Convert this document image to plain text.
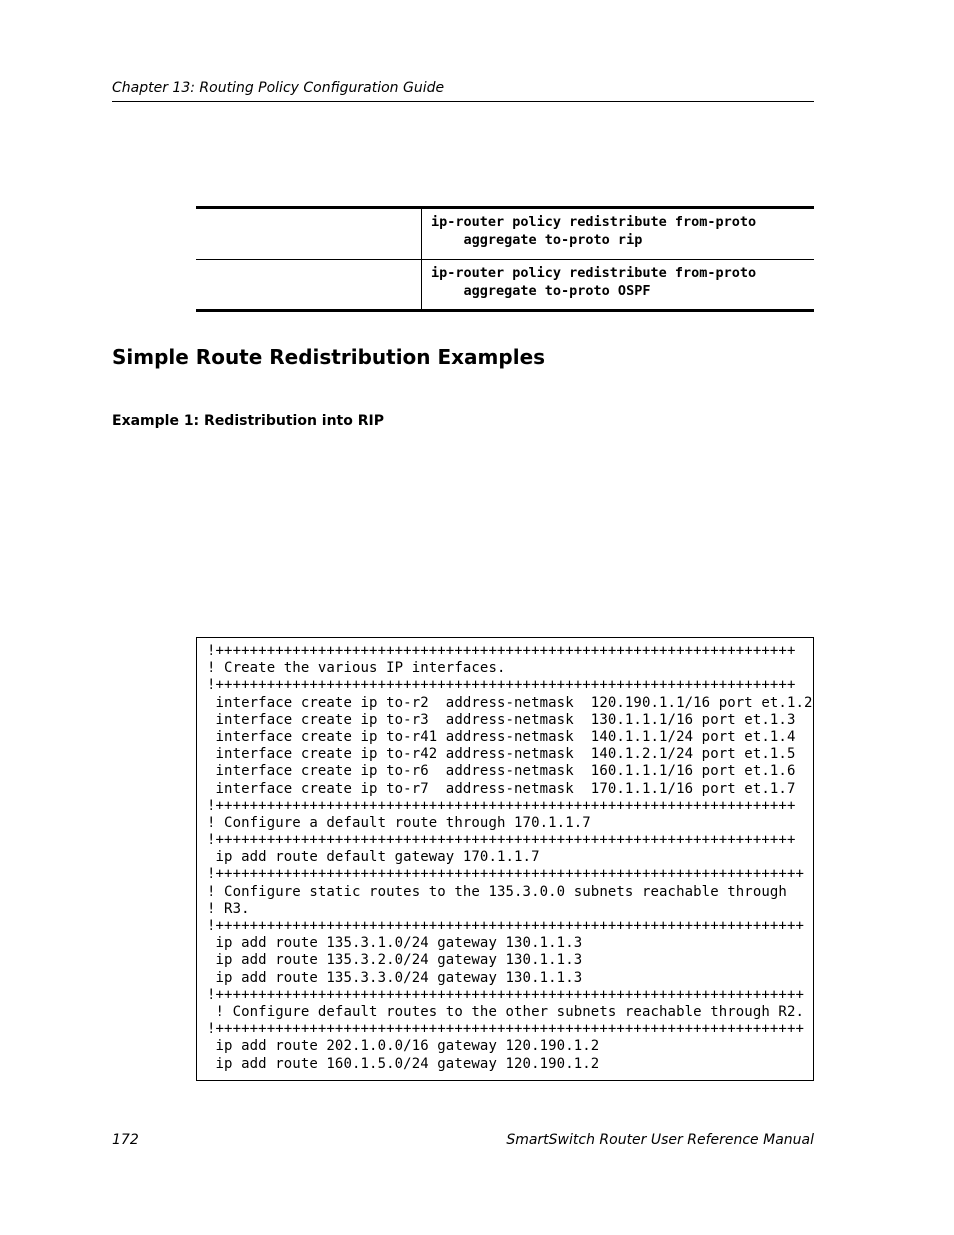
Chapter 13: Routing Policy Configuration Guide

	ip-router policy redistribute from-proto
aggregate to-proto rip

	ip-router policy redistribute from-proto
aggregate to-proto OSPF
Simple Route Redistribution Examples
Example 1: Redistribution into RIP
!++++++++++++++++++++++++++++++++++++++++++++++++++++++++++++++++++++
! Create the various IP interfaces.
!++++++++++++++++++++++++++++++++++++++++++++++++++++++++++++++++++++
interface create ip to-r2  address-netmask  120.190.1.1/16 port et.1.2
interface create ip to-r3  address-netmask  130.1.1.1/16 port et.1.3
interface create ip to-r41 address-netmask  140.1.1.1/24 port et.1.4
interface create ip to-r42 address-netmask  140.1.2.1/24 port et.1.5
interface create ip to-r6  address-netmask  160.1.1.1/16 port et.1.6
interface create ip to-r7  address-netmask  170.1.1.1/16 port et.1.7
!++++++++++++++++++++++++++++++++++++++++++++++++++++++++++++++++++++
! Configure a default route through 170.1.1.7
!++++++++++++++++++++++++++++++++++++++++++++++++++++++++++++++++++++
ip add route default gateway 170.1.1.7
!+++++++++++++++++++++++++++++++++++++++++++++++++++++++++++++++++++++
! Configure static routes to the 135.3.0.0 subnets reachable through
! R3.
!+++++++++++++++++++++++++++++++++++++++++++++++++++++++++++++++++++++
ip add route 135.3.1.0/24 gateway 130.1.1.3
ip add route 135.3.2.0/24 gateway 130.1.1.3
ip add route 135.3.3.0/24 gateway 130.1.1.3
!+++++++++++++++++++++++++++++++++++++++++++++++++++++++++++++++++++++
! Configure default routes to the other subnets reachable through R2.
!+++++++++++++++++++++++++++++++++++++++++++++++++++++++++++++++++++++
ip add route 202.1.0.0/16 gateway 120.190.1.2
ip add route 160.1.5.0/24 gateway 120.190.1.2
172	SmartSwitch Router User Reference Manual
